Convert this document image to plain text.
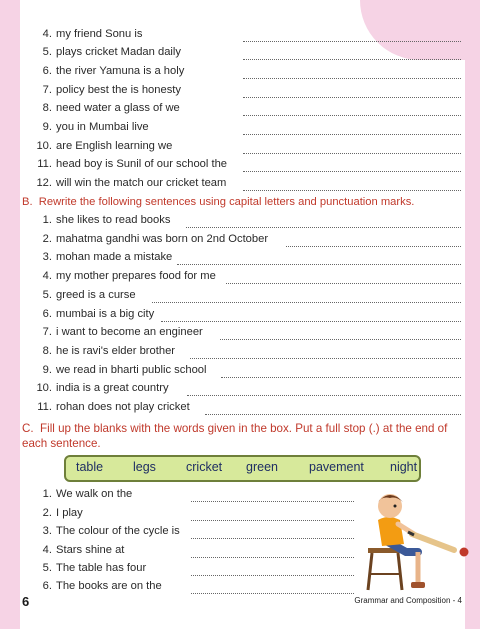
4. my friend Sonu is
5. plays cricket Madan daily
6. the river Yamuna is a holy
7. policy best the is honesty
8. need water a glass of we
9. you in Mumbai live
10. are English learning we
11. head boy is Sunil of our school the
12. will win the match our cricket team
B. Rewrite the following sentences using capital letters and punctuation marks.
1. she likes to read books
2. mahatma gandhi was born on 2nd October
3. mohan made a mistake
4. my mother prepares food for me
5. greed is a curse
6. mumbai is a big city
7. i want to become an engineer
8. he is ravi's elder brother
9. we read in bharti public school
10. india is a great country
11. rohan does not play cricket
C. Fill up the blanks with the words given in the box. Put a full stop (.) at the end of each sentence.
table legs cricket green pavement night
1. We walk on the
2. I play
3. The colour of the cycle is
4. Stars shine at
5. The table has four
6. The books are on the
6	Grammar and Composition - 4
